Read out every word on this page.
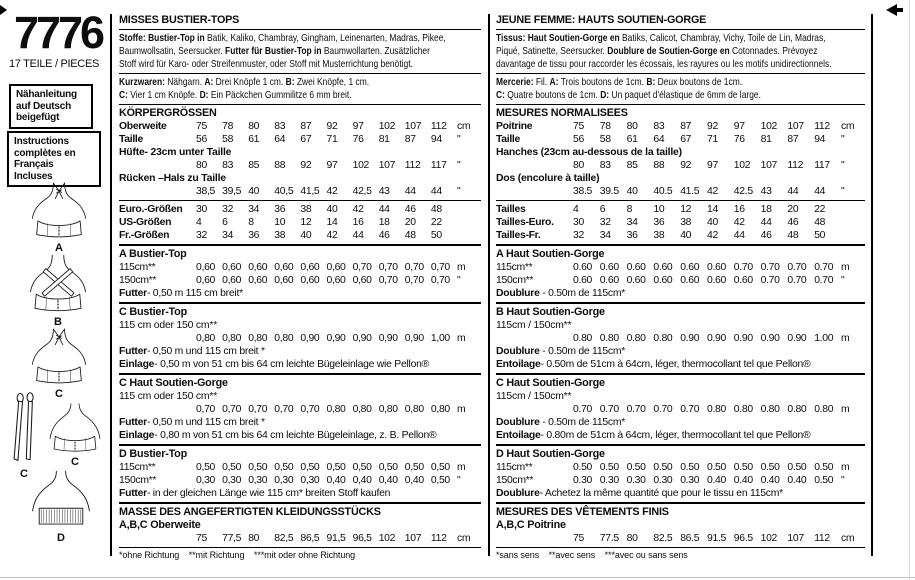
7776
17 TEILE / PIECES
Nähanleitung auf Deutsch beigefügt
Instructions complètes en Français Incluses
A
B
C
C
C
D
MISSES BUSTIER-TOPS
Stoffe: Bustier-Top in Batik, Kaliko, Chambray, Gingham, Leinenarten, Madras, Pikee,
Baumwollsatin, Seersucker. Futter für Bustier-Top in Baumwollarten. Zusätzlicher
Stoff wird für Karo- oder Streifenmuster, oder Stoff mit Musterrichtung benötigt.
Kurzwaren: Nähgarn. A: Drei Knöpfe 1 cm. B: Zwei Knöpfe, 1 cm.
C: Vier 1 cm Knöpfe. D: Ein Päckchen Gummilitze 6 mm breit.
KÖRPERGRÖSSEN
Oberweite	75	78	80	83	87	92	97	102 107 112	cm
Taille	56	58	61	64	67	71	76	81	87	94	"
Hüfte- 23cm unter Taille
80	83	85	88	92	97	102 107 112	117	"
Rücken –Hals zu Taille
38,5 39,5 40	40,5 41,5 42	42,5 43	44	44	"
Euro.-Größen	30	32	34	36	38	40	42	44	46	48
US-Größen	4	6	8	10	12	14	16	18	20	22
Fr.-Größen	32	34	36	38	40	42	44	46	48	50
A Bustier-Top
115cm**	0,60 0,60 0,60 0,60 0,60 0,60 0,70 0,70 0,70 0,70 m
150cm**	0,60 0,60 0,60 0,60 0,60 0,60 0,60 0,70 0,70 0,70 "
Futter- 0,50 m 115 cm breit*
C Bustier-Top
115 cm oder 150 cm**
0,80 0,80 0,80 0,80 0,90 0,90 0,90 0,90 0,90 1,00 m
Futter- 0,50 m und 115 cm breit *
Einlage- 0,50 m von 51 cm bis 64 cm leichte Bügeleinlage wie Pellon®
C Haut Soutien-Gorge
115 cm oder 150 cm**
0,70 0,70 0,70 0,70 0,70 0,80 0,80 0,80 0,80 0,80 m
Futter- 0,50 m und 115 cm breit *
Einlage- 0,80 m von 51 cm bis 64 cm leichte Bügeleinlage, z. B. Pellon®
D Bustier-Top
115cm**	0,50 0,50 0,50 0,50 0,50 0,50 0,50 0,50 0,50 0,50 m
150cm**	0,30 0,30 0,30 0,30 0,30 0,40 0,40 0,40 0,40 0,50 "
Futter- in der gleichen Länge wie 115 cm* breiten Stoff kaufen
MASSE DES ANGEFERTIGTEN KLEIDUNGSSTÜCKS
A,B,C Oberweite
75	77,5 80	82,5 86,5 91,5 96,5 102 107 112	cm
*ohne Richtung    **mit Richtung    ***mit oder ohne Richtung
JEUNE FEMME: HAUTS SOUTIEN-GORGE
Tissus: Haut Soutien-Gorge en Batiks, Calicot, Chambray, Vichy, Toile de Lin, Madras,
Piqué, Satinette, Seersucker. Doublure de Soutien-Gorge en Cotonnades. Prévoyez
davantage de tissu pour raccorder les écossais, les rayures ou les motifs unidirectionnels.
Mercerie: Fil. A: Trois boutons de 1cm. B: Deux boutons de 1cm.
C: Quatre boutons de 1cm. D: Un paquet d'élastique de 6mm de large.
MESURES NORMALISEES
Poitrine	75	78	80	83	87	92	97	102 107 112	cm
Taille	56	58	61	64	67	71	76	81	87	94	"
Hanches (23cm au-dessous de la taille)
80	83	85	88	92	97	102 107 112	117	"
Dos (encolure à taille)
38.5 39.5 40	40.5 41.5 42	42.5 43	44	44	"
Tailles	4	6	8	10	12	14	16	18	20	22
Tailles-Euro.	30	32	34	36	38	40	42	44	46	48
Tailles-Fr.	32	34	36	38	40	42	44	46	48	50
A Haut Soutien-Gorge
115cm**	0.60 0.60 0.60 0.60 0.60 0.60 0.70 0.70 0.70 0.70 m
150cm**	0.60 0.60 0.60 0.60 0.60 0.60 0.60 0.70 0.70 0.70 "
Doublure - 0.50m de 115cm*
B Haut Soutien-Gorge
115cm / 150cm**
0.80 0.80 0.80 0.80 0.90 0.90 0.90 0.90 0.90 1.00 m
Doublure - 0.50m de 115cm*
Entoilage- 0.50m de 51cm à 64cm, léger, thermocollant tel que Pellon®
C Haut Soutien-Gorge
115cm / 150cm**
0.70 0.70 0.70 0.70 0.70 0.80 0.80 0.80 0.80 0.80 m
Doublure - 0.50m de 115cm*
Entoilage- 0.80m de 51cm à 64cm, léger, thermocollant tel que Pellon®
D Haut Soutien-Gorge
115cm**	0.50 0.50 0.50 0.50 0.50 0.50 0.50 0.50 0.50 0.50 m
150cm**	0.30 0.30 0.30 0.30 0.30 0.40 0.40 0.40 0.40 0.50 "
Doublure- Achetez la même quantité que pour le tissu en 115cm*
MESURES DES VÊTEMENTS FINIS
A,B,C Poitrine
75	77.5 80	82.5 86.5 91.5 96.5 102 107 112	cm
*sans sens    **avec sens    ***avec ou sans sens
